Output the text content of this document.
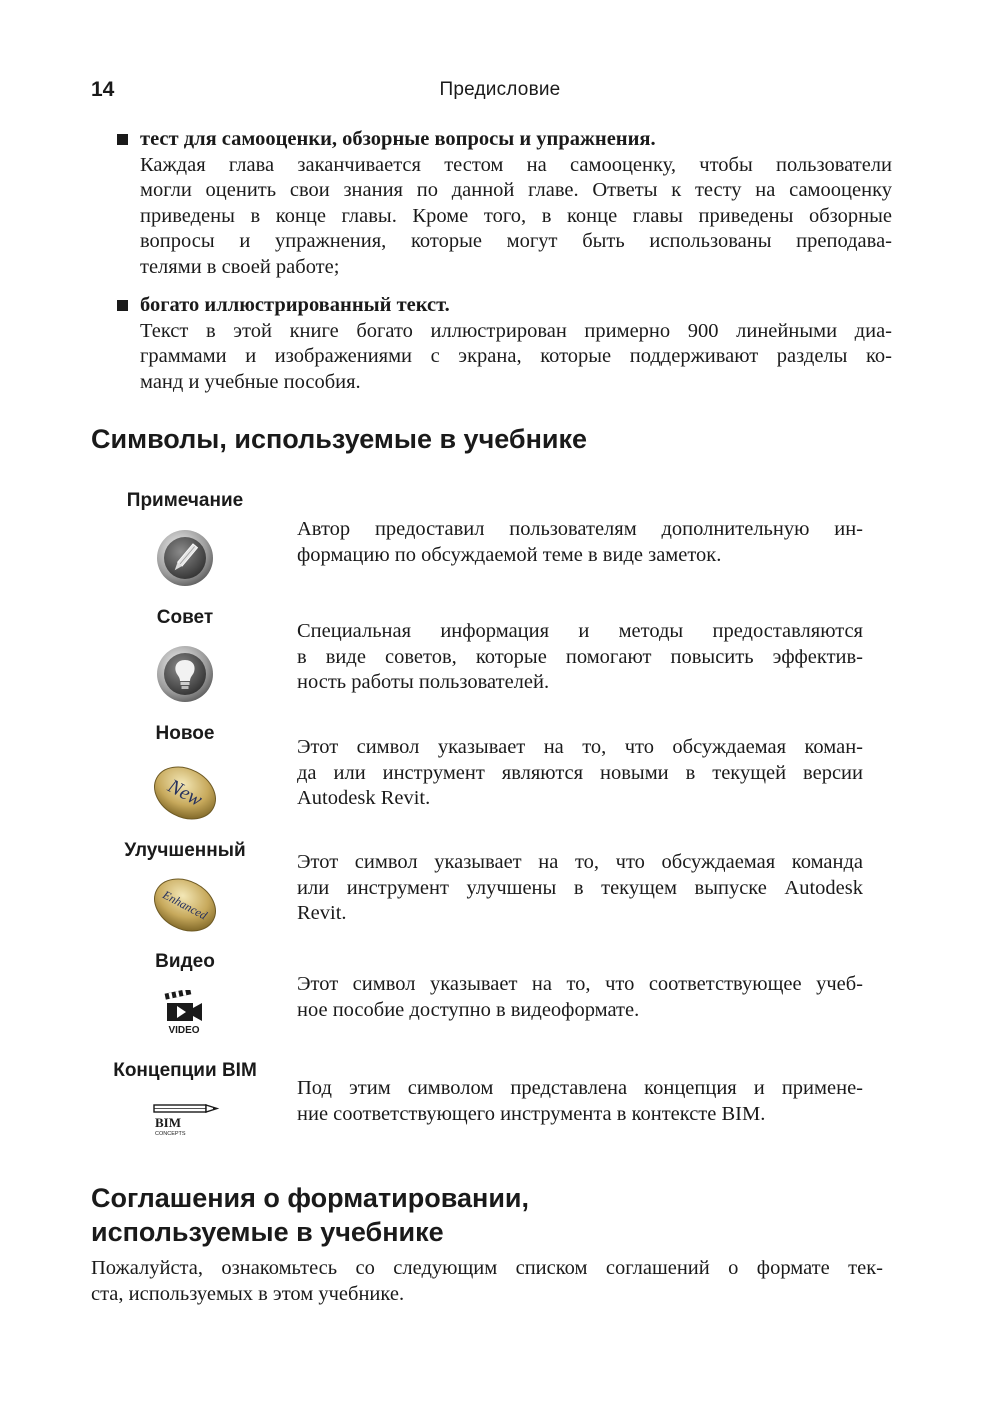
14	Предисловие
тест для самооценки, обзорные вопросы и упражнения.
Каждая глава заканчивается тестом на самооценку, чтобы пользователи
могли оценить свои знания по данной главе. Ответы к тесту на самооценку
приведены в конце главы. Кроме того, в конце главы приведены обзорные
вопросы и упражнения, которые могут быть использованы преподава-
телями в своей работе;
богато иллюстрированный текст.
Текст в этой книге богато иллюстрирован примерно 900 линейными диа-
граммами и изображениями с экрана, которые поддерживают разделы ко-
манд и учебные пособия.
Символы, используемые в учебнике
Примечание
Автор предоставил пользователям дополнительную ин-
формацию по обсуждаемой теме в виде заметок.
Совет
Специальная информация и методы предоставляются
в виде советов, которые помогают повысить эффектив-
ность работы пользователей.
Новое
New
Этот символ указывает на то, что обсуждаемая коман-
да или инструмент являются новыми в текущей версии
Autodesk Revit.
Улучшенный
Enhanced
Этот символ указывает на то, что обсуждаемая команда
или инструмент улучшены в текущем выпуске Autodesk
Revit.
Видео
VIDEO
Этот символ указывает на то, что соответствующее учеб-
ное пособие доступно в видеоформате.
Концепции BIM
BIM
CONCEPTS
Под этим символом представлена концепция и примене-
ние соответствующего инструмента в контексте BIM.
Соглашения о форматировании,
используемые в учебнике
Пожалуйста, ознакомьтесь со следующим списком соглашений о формате тек-
ста, используемых в этом учебнике.
